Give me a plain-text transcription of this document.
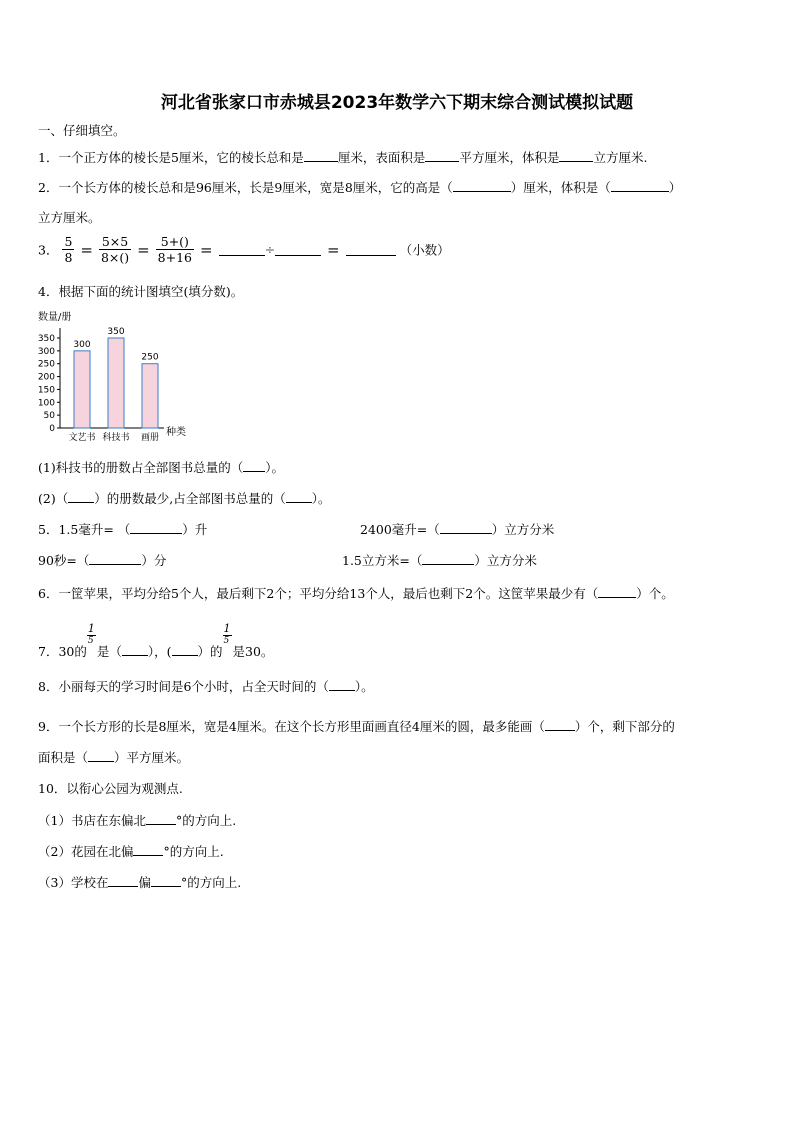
河北省张家口市赤城县2023年数学六下期末综合测试模拟试题
一、仔细填空。
1．一个正方体的棱长是5厘米，它的棱长总和是	厘米，表面积是	平方厘米，体积是	立方厘米.
2．一个长方体的棱长总和是96厘米，长是9厘米，宽是8厘米，它的高是（	）厘米，体积是（	）
立方厘米。
3． $\frac{5}{8} = \frac{5\times 5}{8\times()} = \frac{5+()}{8+16}$ =	÷	=	（小数）
4．根据下面的统计图填空(填分数)。
数量/册
0
50
100
150
200
250
300
350
300
文艺书
350
科技书
250
画册 种类
(1)科技书的册数占全部图书总量的（ ）。
(2)（ ）的册数最少,占全部图书总量的（ ）。
5．1.5毫升= （	）升	2400毫升=（	）立方分米
90秒=（	）分	1.5立方米=（	）立方分米
6．一筐苹果，平均分给5个人，最后剩下2个；平均分给13个人，最后也剩下2个。这筐苹果最少有（	）个。
7．30的
1
5
是（ ），( ）的
1
5
是30。
8．小丽每天的学习时间是6个小时，占全天时间的（ ）。
9．一个长方形的长是8厘米，宽是4厘米。在这个长方形里面画直径4厘米的圆，最多能画（ ）个，剩下部分的
面积是（ ）平方厘米。
10．以衔心公园为观测点.
（1）书店在东偏北 °的方向上.
（2）花园在北偏 °的方向上.
（3）学校在 偏 °的方向上.
